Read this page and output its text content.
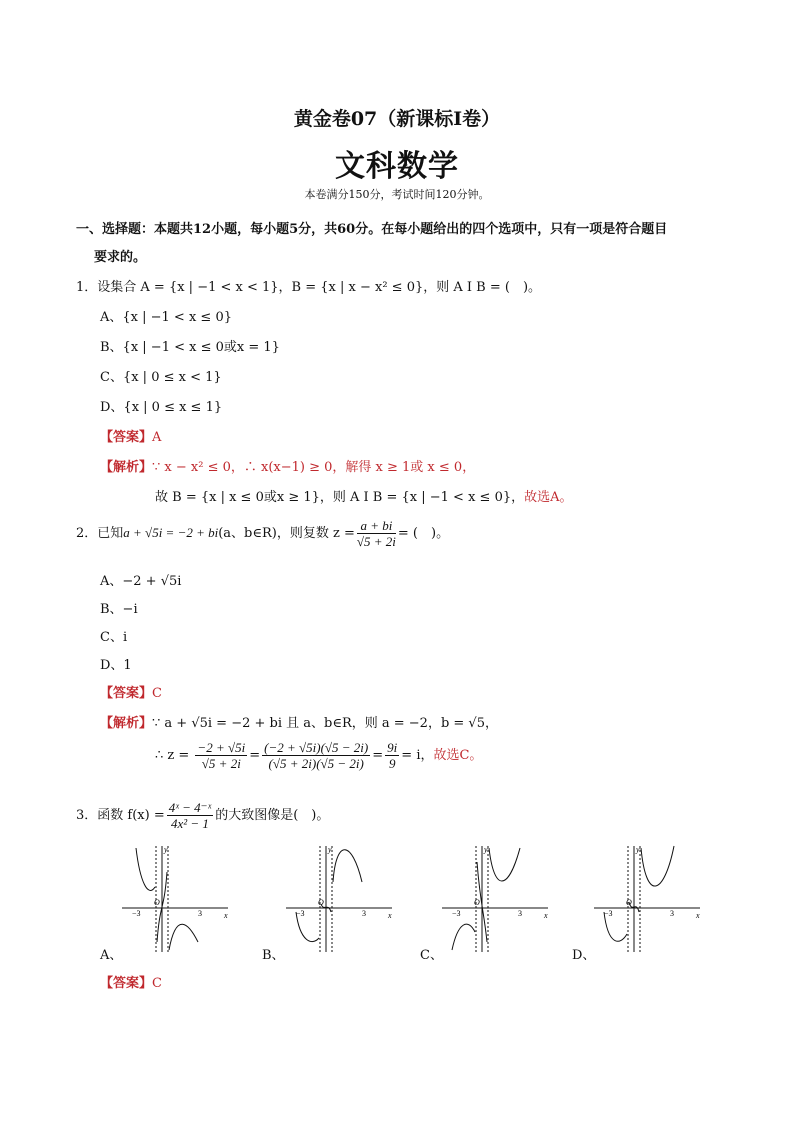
黄金卷07（新课标Ⅰ卷）
文科数学
本卷满分150分，考试时间120分钟。
一、选择题：本题共12小题，每小题5分，共60分。在每小题给出的四个选项中，只有一项是符合题目
要求的。
1．设集合 A = {x | −1 < x < 1}，B = {x | x − x² ≤ 0}，则 A I B = (　)。
A、{x | −1 < x ≤ 0}
B、{x | −1 < x ≤ 0或x = 1}
C、{x | 0 ≤ x < 1}
D、{x | 0 ≤ x ≤ 1}
【答案】A
【解析】∵ x − x² ≤ 0，∴ x(x−1) ≥ 0，解得 x ≥ 1或 x ≤ 0，
故 B = {x | x ≤ 0或x ≥ 1}，则 A I B = {x | −1 < x ≤ 0}，故选A。
2．已知a + √5i = −2 + bi(a、b∈R)，则复数 $z = \frac{a + bi}{√5 + 2i}$ = (　)。
A、−2 + √5i
B、−i
C、i
D、1
【答案】C
【解析】∵ a + √5i = −2 + bi 且 a、b∈R，则 a = −2，b = √5，
∴ $z = \frac{-2 + √5i}{√5 + 2i} = \frac{(-2 + √5i)(√5 - 2i)}{(√5 + 2i)(√5 - 2i)} = \frac{9i}{9} = i$，故选C。
3．函数 $f(x) = \frac{\text{4ˣ − 4⁻ˣ}}{\text{4x² − 1}}$ 的大致图像是(　)。
y
x
O
−3	3
A、
y
x
O
−3	3
B、
y
x
O
−3	3
C、
y
x
O
−3	3
D、
【答案】C
